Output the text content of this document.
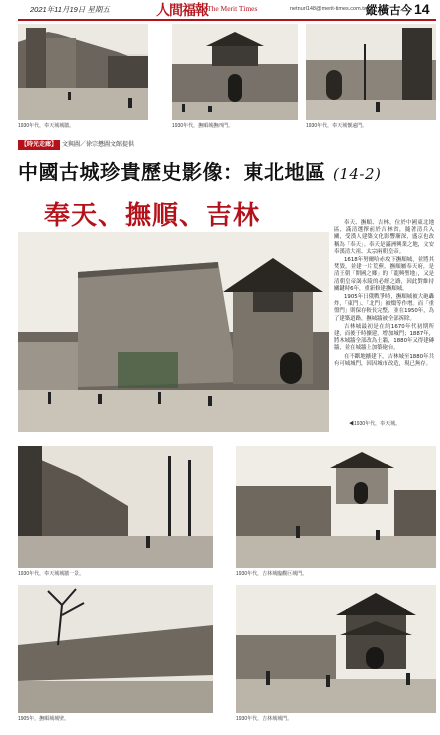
2021年11月19日 星期五	人間福報 The Merit Times	netnurl148@merit-times.com.tw
縱橫古今 14
1930年代，奉天城城牆。	1930年代，撫順城撫西門。	1930年代，奉天城懷遠門。
【時光走廊】 文與圖／徐宗懋圖文館提供
中國古城珍貴歷史影像：東北地區 (14-2)
奉天、撫順、吉林	奉天、撫順、吉林，位於中國東北地區，滿清選擇前於吉林省，隨著清兵入關，受漢人建築文化影響漸深，盛京也改稱為「奉天」。奉天是滿洲興業之地，文安奉漢清大祖、太宗兩朝皇帝。

1618年努爾哈赤攻下撫順城，並將其焚毀，並建一片荒蕪。撫順屬奉天府，是清王朝「開國之鄉」的「龍興聖地」，又是清朝皇帝謁永陵的必經之路，因此對維持關鍵時6年，重新修建撫順城。

1905年日俄戰爭時，撫順城被大砲轟炸，「東門」、「北門」被燬等作增。而「重盤門」則保存較長完整，並在1950年，為了建築道路，撫城牆被全部拆除。

吉林城最初是在約1670年代初期所建，而後于時擴建，增加城門；1887年，將木城牆全部改為土牆，1880年又得建磚牆，並在城牆上加築砲台。

在不斷地擴建下，吉林城至1880年共有可城城門，因因城市改造，現已無存。

◀1930年代，奉天城。
1930年代，奉天城城牆一景。	1930年代，吉林城臨觀巨城門。
1905年，撫順城城壁。	1930年代，吉林城城門。
